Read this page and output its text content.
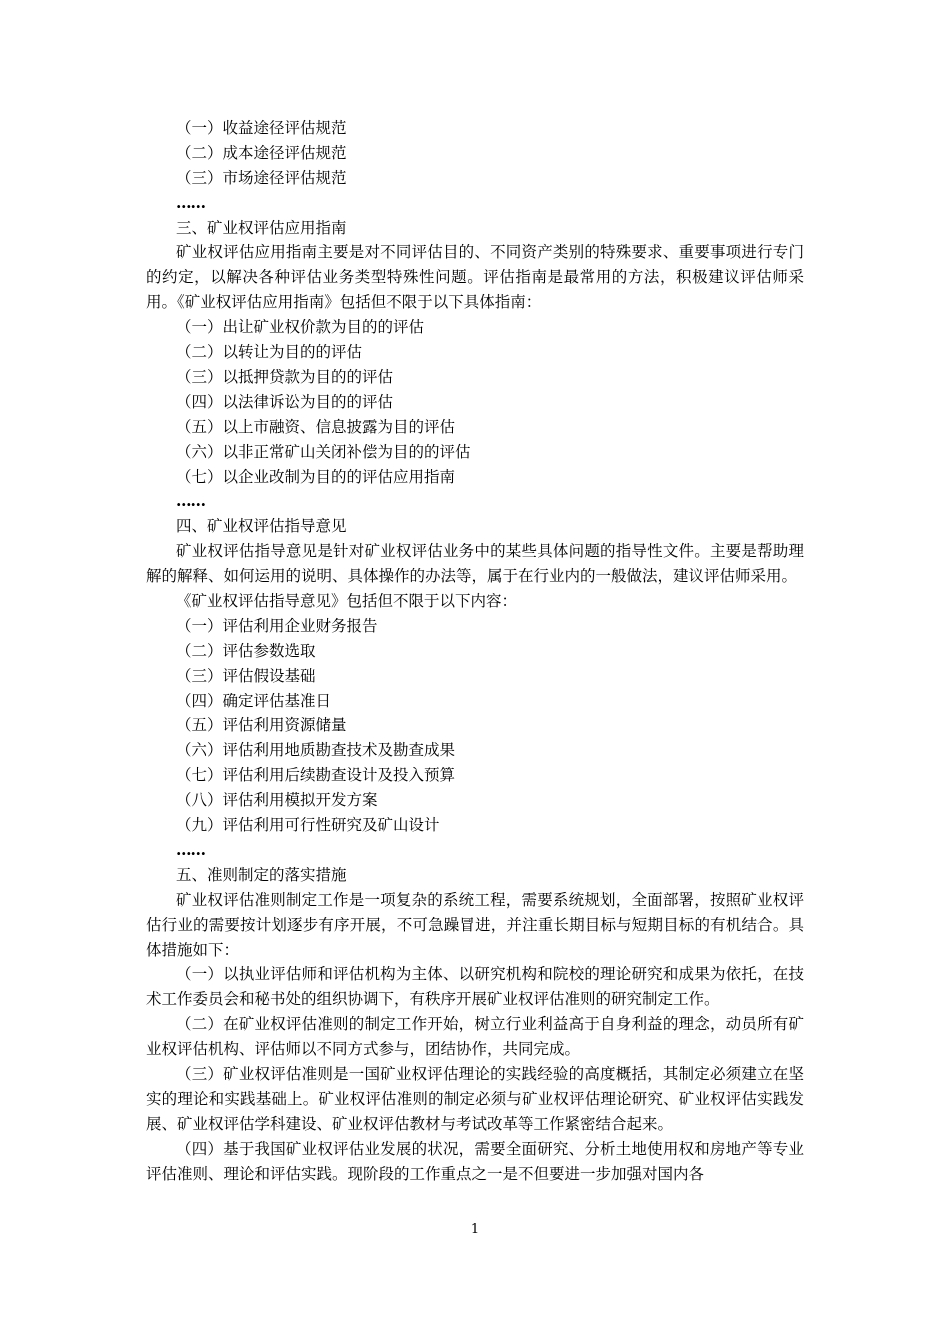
（一）收益途径评估规范
（二）成本途径评估规范
（三）市场途径评估规范
……
三、矿业权评估应用指南
矿业权评估应用指南主要是对不同评估目的、不同资产类别的特殊要求、重要事项进行专门的约定，以解决各种评估业务类型特殊性问题。评估指南是最常用的方法，积极建议评估师采用。《矿业权评估应用指南》包括但不限于以下具体指南：
（一）出让矿业权价款为目的的评估
（二）以转让为目的的评估
（三）以抵押贷款为目的的评估
（四）以法律诉讼为目的的评估
（五）以上市融资、信息披露为目的评估
（六）以非正常矿山关闭补偿为目的的评估
（七）以企业改制为目的的评估应用指南
……
四、矿业权评估指导意见
矿业权评估指导意见是针对矿业权评估业务中的某些具体问题的指导性文件。主要是帮助理解的解释、如何运用的说明、具体操作的办法等，属于在行业内的一般做法，建议评估师采用。
《矿业权评估指导意见》包括但不限于以下内容：
（一）评估利用企业财务报告
（二）评估参数选取
（三）评估假设基础
（四）确定评估基准日
（五）评估利用资源储量
（六）评估利用地质勘查技术及勘查成果
（七）评估利用后续勘查设计及投入预算
（八）评估利用模拟开发方案
（九）评估利用可行性研究及矿山设计
……
五、准则制定的落实措施
矿业权评估准则制定工作是一项复杂的系统工程，需要系统规划，全面部署，按照矿业权评估行业的需要按计划逐步有序开展，不可急躁冒进，并注重长期目标与短期目标的有机结合。具体措施如下：
（一）以执业评估师和评估机构为主体、以研究机构和院校的理论研究和成果为依托，在技术工作委员会和秘书处的组织协调下，有秩序开展矿业权评估准则的研究制定工作。
（二）在矿业权评估准则的制定工作开始，树立行业利益高于自身利益的理念，动员所有矿业权评估机构、评估师以不同方式参与，团结协作，共同完成。
（三）矿业权评估准则是一国矿业权评估理论的实践经验的高度概括，其制定必须建立在坚实的理论和实践基础上。矿业权评估准则的制定必须与矿业权评估理论研究、矿业权评估实践发展、矿业权评估学科建设、矿业权评估教材与考试改革等工作紧密结合起来。
（四）基于我国矿业权评估业发展的状况，需要全面研究、分析土地使用权和房地产等专业评估准则、理论和评估实践。现阶段的工作重点之一是不但要进一步加强对国内各
1
